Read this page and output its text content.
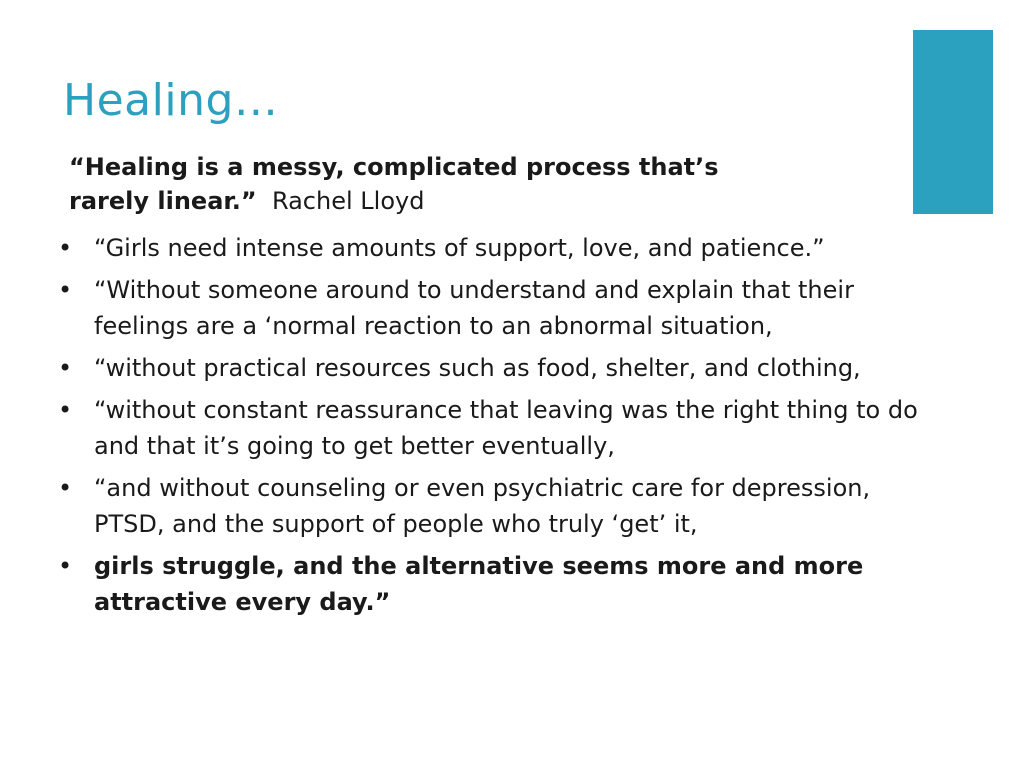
Healing…

“Healing is a messy, complicated process that’s rarely linear.” Rachel Lloyd

• “Girls need intense amounts of support, love, and patience.”
• “Without someone around to understand and explain that their feelings are a ‘normal reaction to an abnormal situation,
• “without practical resources such as food, shelter, and clothing,
• “without constant reassurance that leaving was the right thing to do and that it’s going to get better eventually,
• “and without counseling or even psychiatric care for depression, PTSD, and the support of people who truly ‘get’ it,
• girls struggle, and the alternative seems more and more attractive every day.”
